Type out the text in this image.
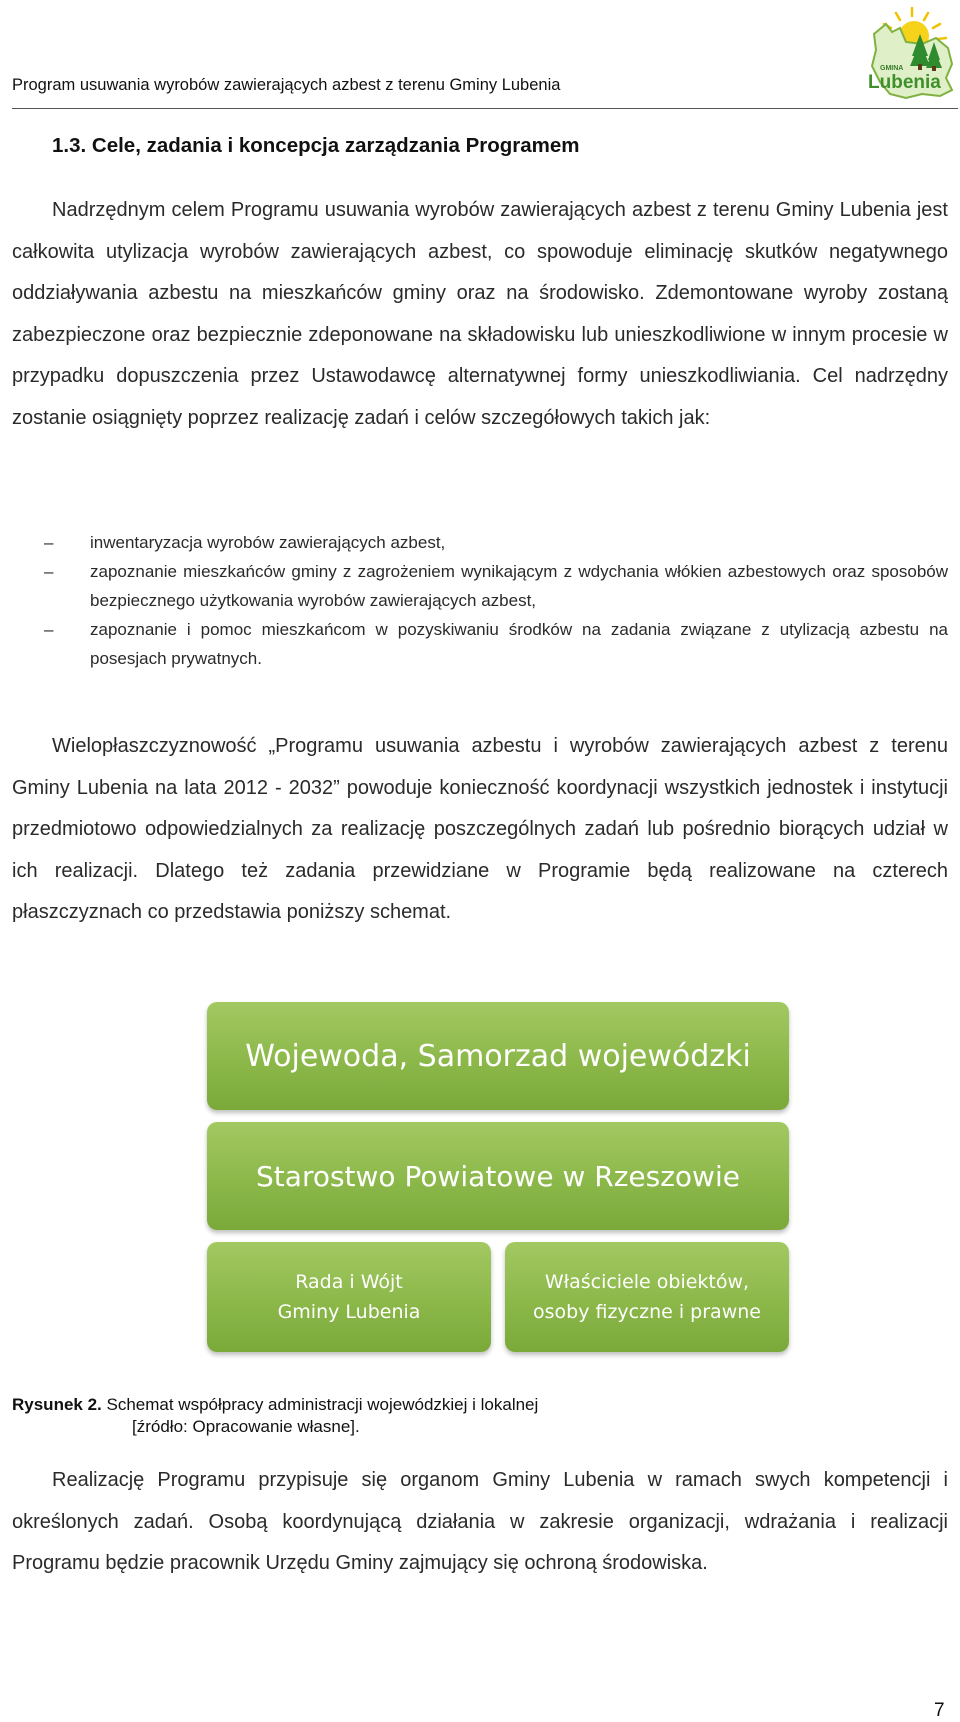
Program usuwania wyrobów zawierających azbest z terenu Gminy Lubenia
GMINA
Lubenia
1.3. Cele, zadania i koncepcja zarządzania Programem

Nadrzędnym celem Programu usuwania wyrobów zawierających azbest z terenu Gminy Lubenia jest całkowita utylizacja wyrobów zawierających azbest, co spowoduje eliminację skutków negatywnego oddziaływania azbestu na mieszkańców gminy oraz na środowisko. Zdemontowane wyroby zostaną zabezpieczone oraz bezpiecznie zdeponowane na składowisku lub unieszkodliwione w innym procesie w przypadku dopuszczenia przez Ustawodawcę alternatywnej formy unieszkodliwiania. Cel nadrzędny zostanie osiągnięty poprzez realizację zadań i celów szczegółowych takich jak:

– inwentaryzacja wyrobów zawierających azbest,
– zapoznanie mieszkańców gminy z zagrożeniem wynikającym z wdychania włókien azbestowych oraz sposobów bezpiecznego użytkowania wyrobów zawierających azbest,
– zapoznanie i pomoc mieszkańcom w pozyskiwaniu środków na zadania związane z utylizacją azbestu na posesjach prywatnych.

Wielopłaszczyznowość „Programu usuwania azbestu i wyrobów zawierających azbest z terenu Gminy Lubenia na lata 2012 - 2032” powoduje konieczność koordynacji wszystkich jednostek i instytucji przedmiotowo odpowiedzialnych za realizację poszczególnych zadań lub pośrednio biorących udział w ich realizacji. Dlatego też zadania przewidziane w Programie będą realizowane na czterech płaszczyznach co przedstawia poniższy schemat.

Wojewoda, Samorzad wojewódzki
Starostwo Powiatowe w Rzeszowie
Rada i Wójt
Gminy Lubenia
Właściciele obiektów,
osoby fizyczne i prawne
Rysunek 2. Schemat współpracy administracji wojewódzkiej i lokalnej
[źródło: Opracowanie własne].

Realizację Programu przypisuje się organom Gminy Lubenia w ramach swych kompetencji i określonych zadań. Osobą koordynującą działania w zakresie organizacji, wdrażania i realizacji Programu będzie pracownik Urzędu Gminy zajmujący się ochroną środowiska.

7
